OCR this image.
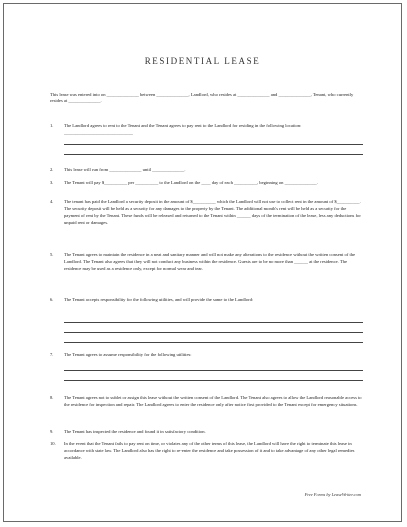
RESIDENTIAL LEASE
This lease was entered into on ______________ between ______________, Landlord, who resides at ______________ and ______________, Tenant, who currently resides at ______________.
1.	The Landlord agrees to rent to the Tenant and the Tenant agrees to pay rent to the Landlord for residing in the following location: ______________________________
2.	This lease will run from ______________ until ______________.
3.	The Tenant will pay $__________ per __________ to the Landlord on the ____ day of each __________, beginning on ______________.
4.	The tenant has paid the Landlord a security deposit in the amount of $__________ which the Landlord will not use to collect rent in the amount of $__________. The security deposit will be held as a security for any damages to the property by the Tenant. The additional month's rent will be held as a security for the payment of rent by the Tenant. These funds will be released and returned to the Tenant within ______ days of the termination of the lease, less any deductions for unpaid rent or damages.
5.	The Tenant agrees to maintain the residence in a neat and sanitary manner and will not make any alterations to the residence without the written consent of the Landlord. The Tenant also agrees that they will not conduct any business within the residence. Guests are to be no more than ______ at the residence. The residence may be used as a residence only, except for normal wear and tear.
6.	The Tenant accepts responsibility for the following utilities, and will provide the same to the Landlord:
7.	The Tenant agrees to assume responsibility for the following utilities:
8.	The Tenant agrees not to sublet or assign this lease without the written consent of the Landlord. The Tenant also agrees to allow the Landlord reasonable access to the residence for inspection and repair. The Landlord agrees to enter the residence only after notice first provided to the Tenant except for emergency situations.
9.	The Tenant has inspected the residence and found it in satisfactory condition.
10.	In the event that the Tenant fails to pay rent on time, or violates any of the other terms of this lease, the Landlord will have the right to terminate this lease in accordance with state law. The Landlord also has the right to re-enter the residence and take possession of it and to take advantage of any other legal remedies available.
Free Forms by LeaseWriter.com
